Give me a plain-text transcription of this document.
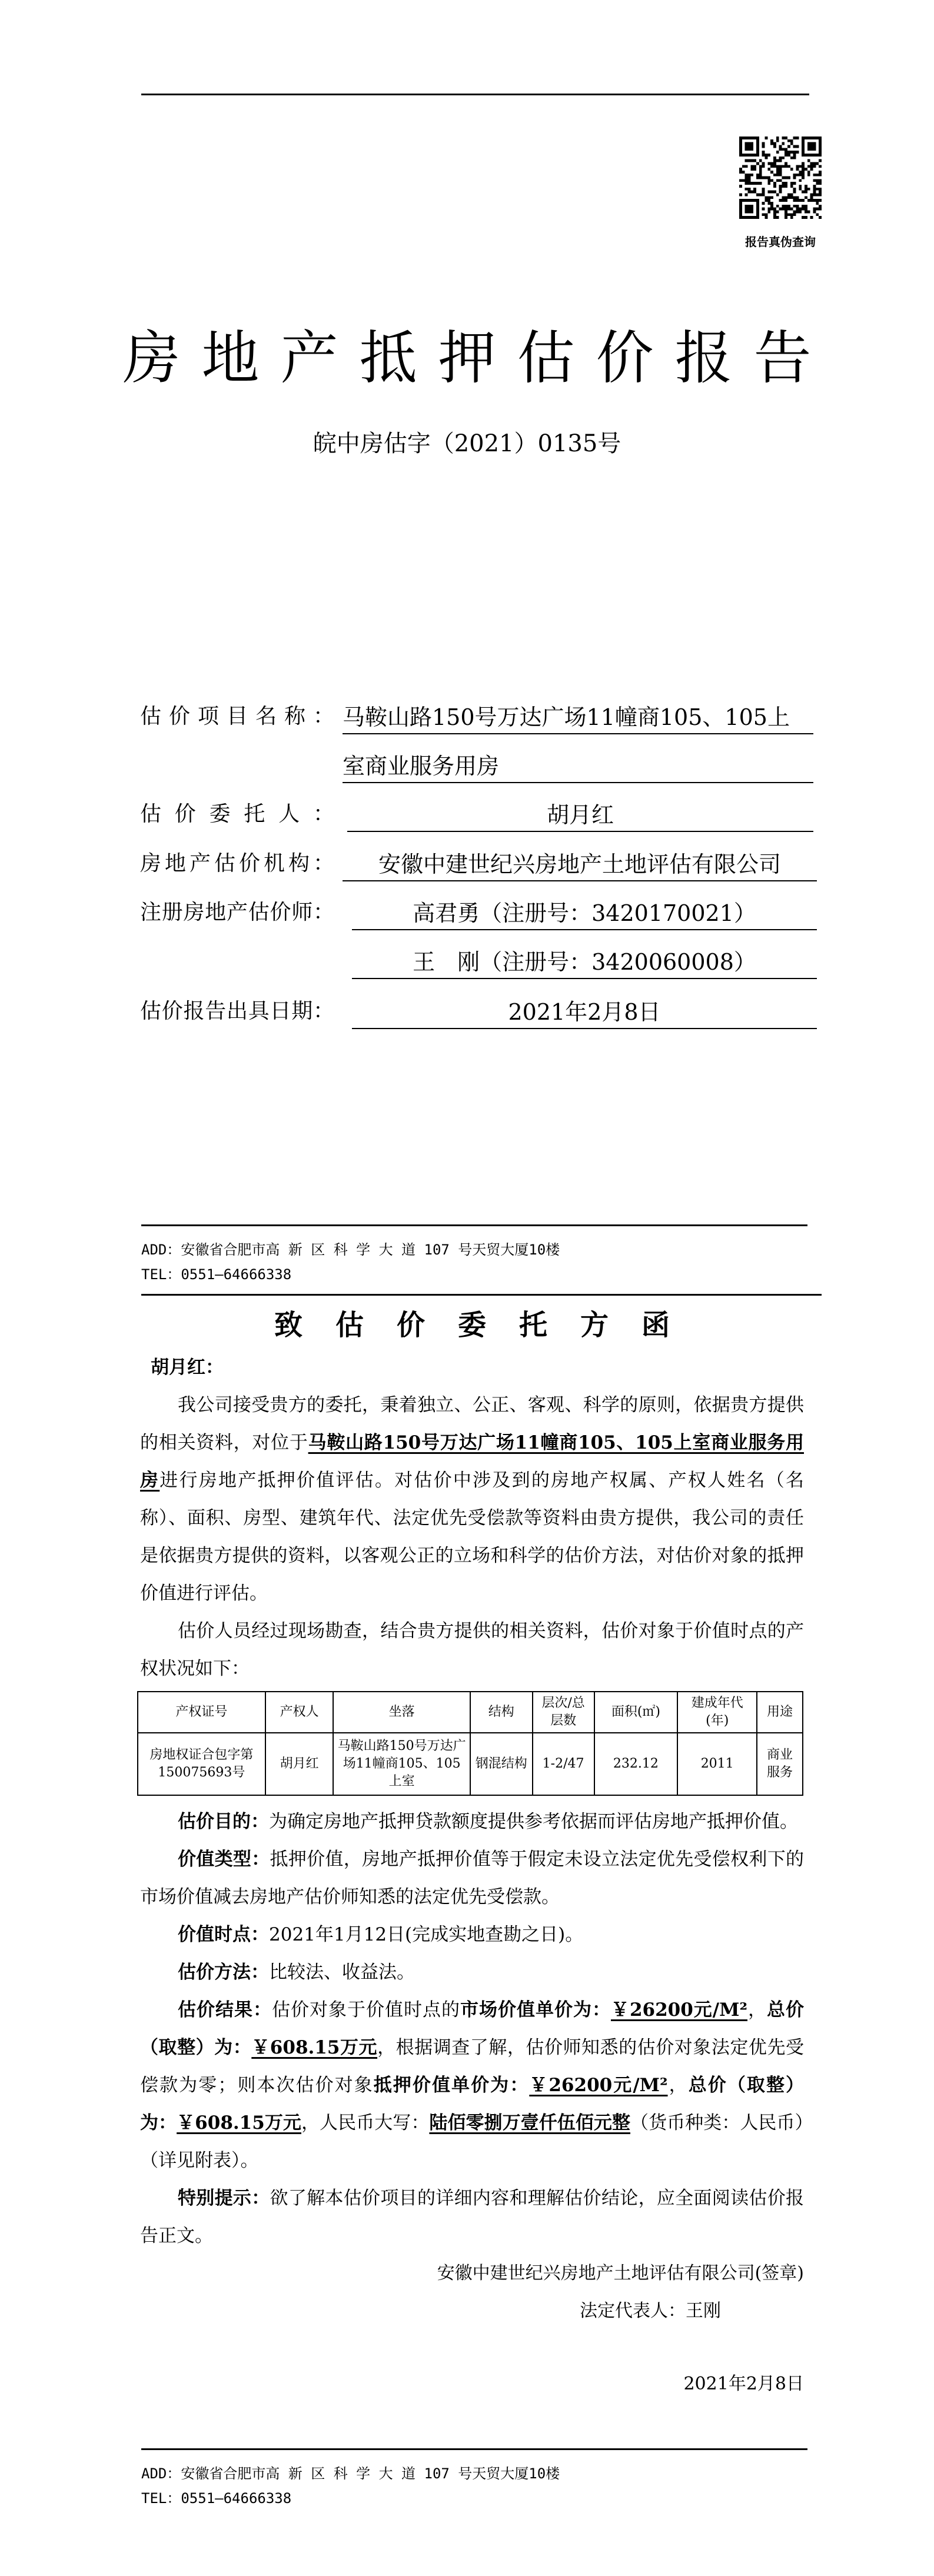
报告真伪查询
房地产抵押估价报告
皖中房估字（2021）0135号
估价项目名称： 马鞍山路150号万达广场11幢商105、105上
室商业服务用房
估价委托人：	胡月红
房地产估价机构：	安徽中建世纪兴房地产土地评估有限公司
注册房地产估价师：	高君勇（注册号：3420170021）
王　刚（注册号：3420060008）
估价报告出具日期：	2021年2月8日
ADD：安徽省合肥市高 新 区 科 学 大 道 107 号天贸大厦10楼
TEL：0551—64666338
致估价委托方函

胡月红：

我公司接受贵方的委托，秉着独立、公正、客观、科学的原则，依据贵方提供的相关资料，对位于马鞍山路150号万达广场11幢商105、105上室商业服务用房进行房地产抵押价值评估。对估价中涉及到的房地产权属、产权人姓名（名称）、面积、房型、建筑年代、法定优先受偿款等资料由贵方提供，我公司的责任是依据贵方提供的资料，以客观公正的立场和科学的估价方法，对估价对象的抵押价值进行评估。

估价人员经过现场勘查，结合贵方提供的相关资料，估价对象于价值时点的产权状况如下：

产权证号	产权人	坐落	结构	层次/总层数	面积(㎡)	建成年代(年)	用途
房地权证合包字第150075693号	胡月红	马鞍山路150号万达广场11幢商105、105上室	钢混结构	1-2/47	232.12	2011	商业服务

估价目的：为确定房地产抵押贷款额度提供参考依据而评估房地产抵押价值。

价值类型：抵押价值，房地产抵押价值等于假定未设立法定优先受偿权利下的市场价值减去房地产估价师知悉的法定优先受偿款。

价值时点：2021年1月12日(完成实地查勘之日)。

估价方法：比较法、收益法。

估价结果：估价对象于价值时点的市场价值单价为：￥26200元/M²，总价（取整）为：￥608.15万元，根据调查了解，估价师知悉的估价对象法定优先受偿款为零；则本次估价对象抵押价值单价为：￥26200元/M²，总价（取整）为：￥608.15万元，人民币大写：陆佰零捌万壹仟伍佰元整（货币种类：人民币）（详见附表）。

特别提示：欲了解本估价项目的详细内容和理解估价结论，应全面阅读估价报告正文。

安徽中建世纪兴房地产土地评估有限公司(签章)
法定代表人：王刚
2021年2月8日
ADD：安徽省合肥市高 新 区 科 学 大 道 107 号天贸大厦10楼
TEL：0551—64666338
